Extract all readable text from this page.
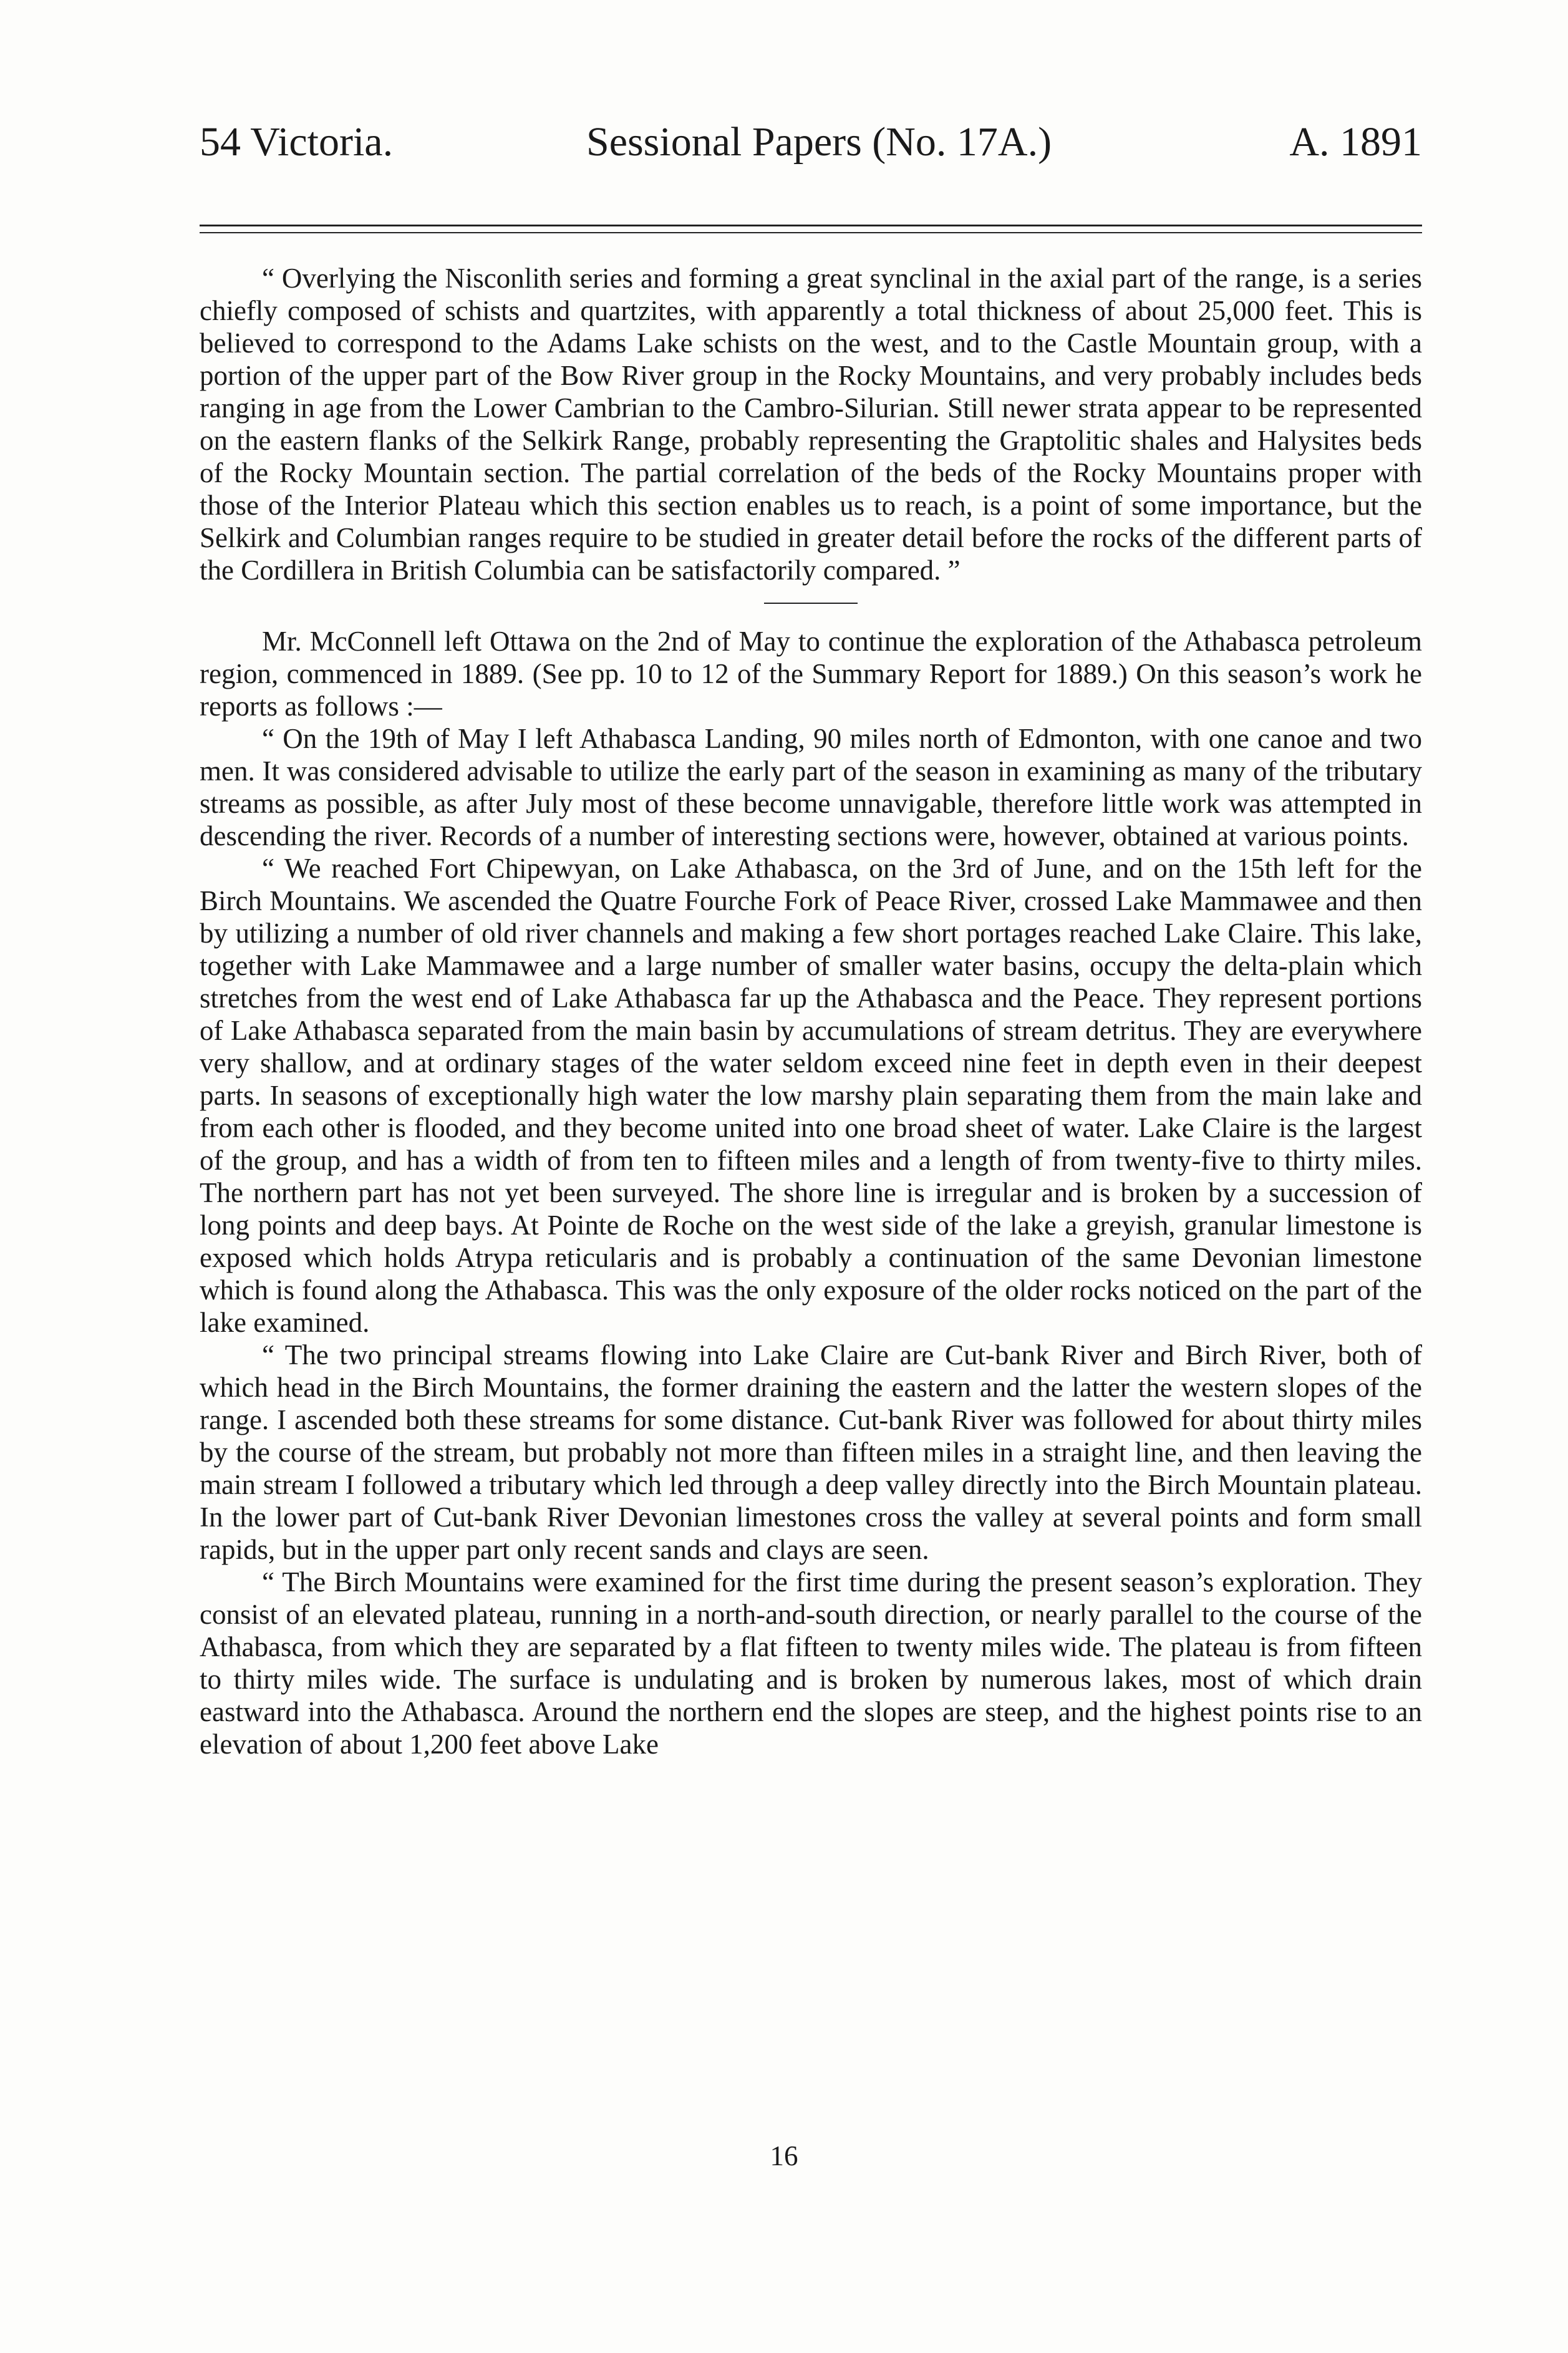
54 Victoria.	Sessional Papers (No. 17A.)	A. 1891

“ Overlying the Nisconlith series and forming a great synclinal in the axial part of the range, is a series chiefly composed of schists and quartzites, with apparently a total thickness of about 25,000 feet. This is believed to correspond to the Adams Lake schists on the west, and to the Castle Mountain group, with a portion of the upper part of the Bow River group in the Rocky Mountains, and very probably includes beds ranging in age from the Lower Cambrian to the Cambro-Silurian. Still newer strata appear to be represented on the eastern flanks of the Selkirk Range, probably representing the Graptolitic shales and Halysites beds of the Rocky Mountain section. The partial correlation of the beds of the Rocky Mountains proper with those of the Interior Plateau which this section enables us to reach, is a point of some importance, but the Selkirk and Columbian ranges require to be studied in greater detail before the rocks of the different parts of the Cordillera in British Columbia can be satisfactorily compared. ”

Mr. McConnell left Ottawa on the 2nd of May to continue the exploration of the Athabasca petroleum region, commenced in 1889. (See pp. 10 to 12 of the Summary Report for 1889.) On this season’s work he reports as follows :—

“ On the 19th of May I left Athabasca Landing, 90 miles north of Edmonton, with one canoe and two men. It was considered advisable to utilize the early part of the season in examining as many of the tributary streams as possible, as after July most of these become unnavigable, therefore little work was attempted in descending the river. Records of a number of interesting sections were, however, obtained at various points.

“ We reached Fort Chipewyan, on Lake Athabasca, on the 3rd of June, and on the 15th left for the Birch Mountains. We ascended the Quatre Fourche Fork of Peace River, crossed Lake Mammawee and then by utilizing a number of old river channels and making a few short portages reached Lake Claire. This lake, together with Lake Mammawee and a large number of smaller water basins, occupy the delta-plain which stretches from the west end of Lake Athabasca far up the Athabasca and the Peace. They represent portions of Lake Athabasca separated from the main basin by accumulations of stream detritus. They are everywhere very shallow, and at ordinary stages of the water seldom exceed nine feet in depth even in their deepest parts. In seasons of exceptionally high water the low marshy plain separating them from the main lake and from each other is flooded, and they become united into one broad sheet of water. Lake Claire is the largest of the group, and has a width of from ten to fifteen miles and a length of from twenty-five to thirty miles. The northern part has not yet been surveyed. The shore line is irregular and is broken by a succession of long points and deep bays. At Pointe de Roche on the west side of the lake a greyish, granular limestone is exposed which holds Atrypa reticularis and is probably a continuation of the same Devonian limestone which is found along the Athabasca. This was the only exposure of the older rocks noticed on the part of the lake examined.

“ The two principal streams flowing into Lake Claire are Cut-bank River and Birch River, both of which head in the Birch Mountains, the former draining the eastern and the latter the western slopes of the range. I ascended both these streams for some distance. Cut-bank River was followed for about thirty miles by the course of the stream, but probably not more than fifteen miles in a straight line, and then leaving the main stream I followed a tributary which led through a deep valley directly into the Birch Mountain plateau. In the lower part of Cut-bank River Devonian limestones cross the valley at several points and form small rapids, but in the upper part only recent sands and clays are seen.

“ The Birch Mountains were examined for the first time during the present season’s exploration. They consist of an elevated plateau, running in a north-and-south direction, or nearly parallel to the course of the Athabasca, from which they are separated by a flat fifteen to twenty miles wide. The plateau is from fifteen to thirty miles wide. The surface is undulating and is broken by numerous lakes, most of which drain eastward into the Athabasca. Around the northern end the slopes are steep, and the highest points rise to an elevation of about 1,200 feet above Lake

16
